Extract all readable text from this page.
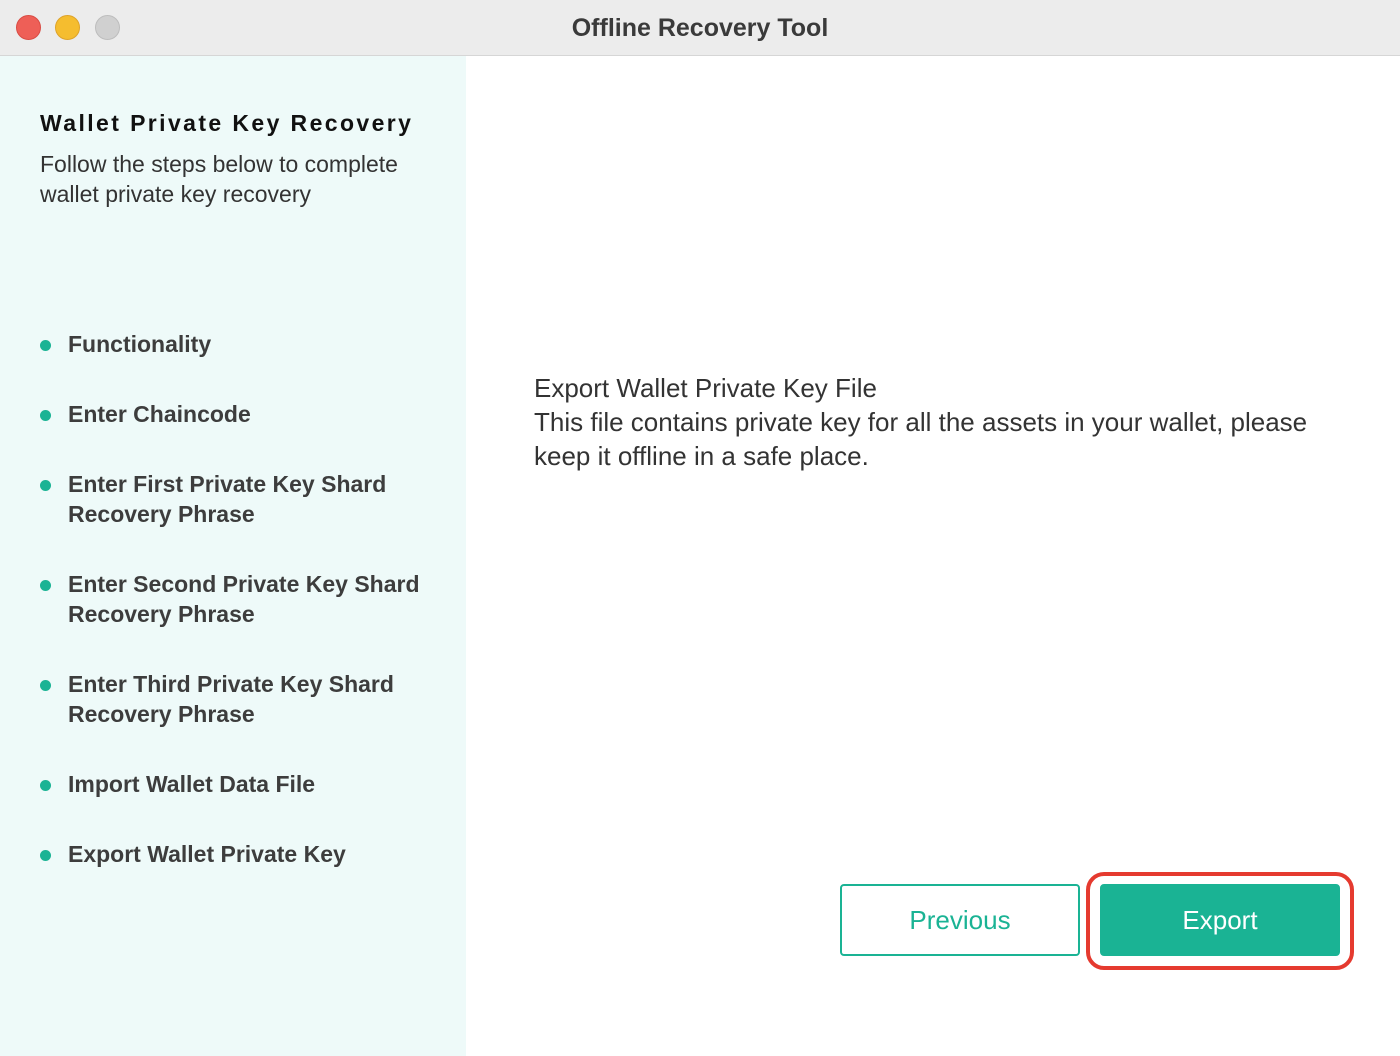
Offline Recovery Tool
Wallet Private Key Recovery
Follow the steps below to complete wallet private key recovery
Functionality
Enter Chaincode
Enter First Private Key Shard Recovery Phrase
Enter Second Private Key Shard Recovery Phrase
Enter Third Private Key Shard Recovery Phrase
Import Wallet Data File
Export Wallet Private Key
Export Wallet Private Key File
This file contains private key for all the assets in your wallet, please keep it offline in a safe place.
Previous	Export
